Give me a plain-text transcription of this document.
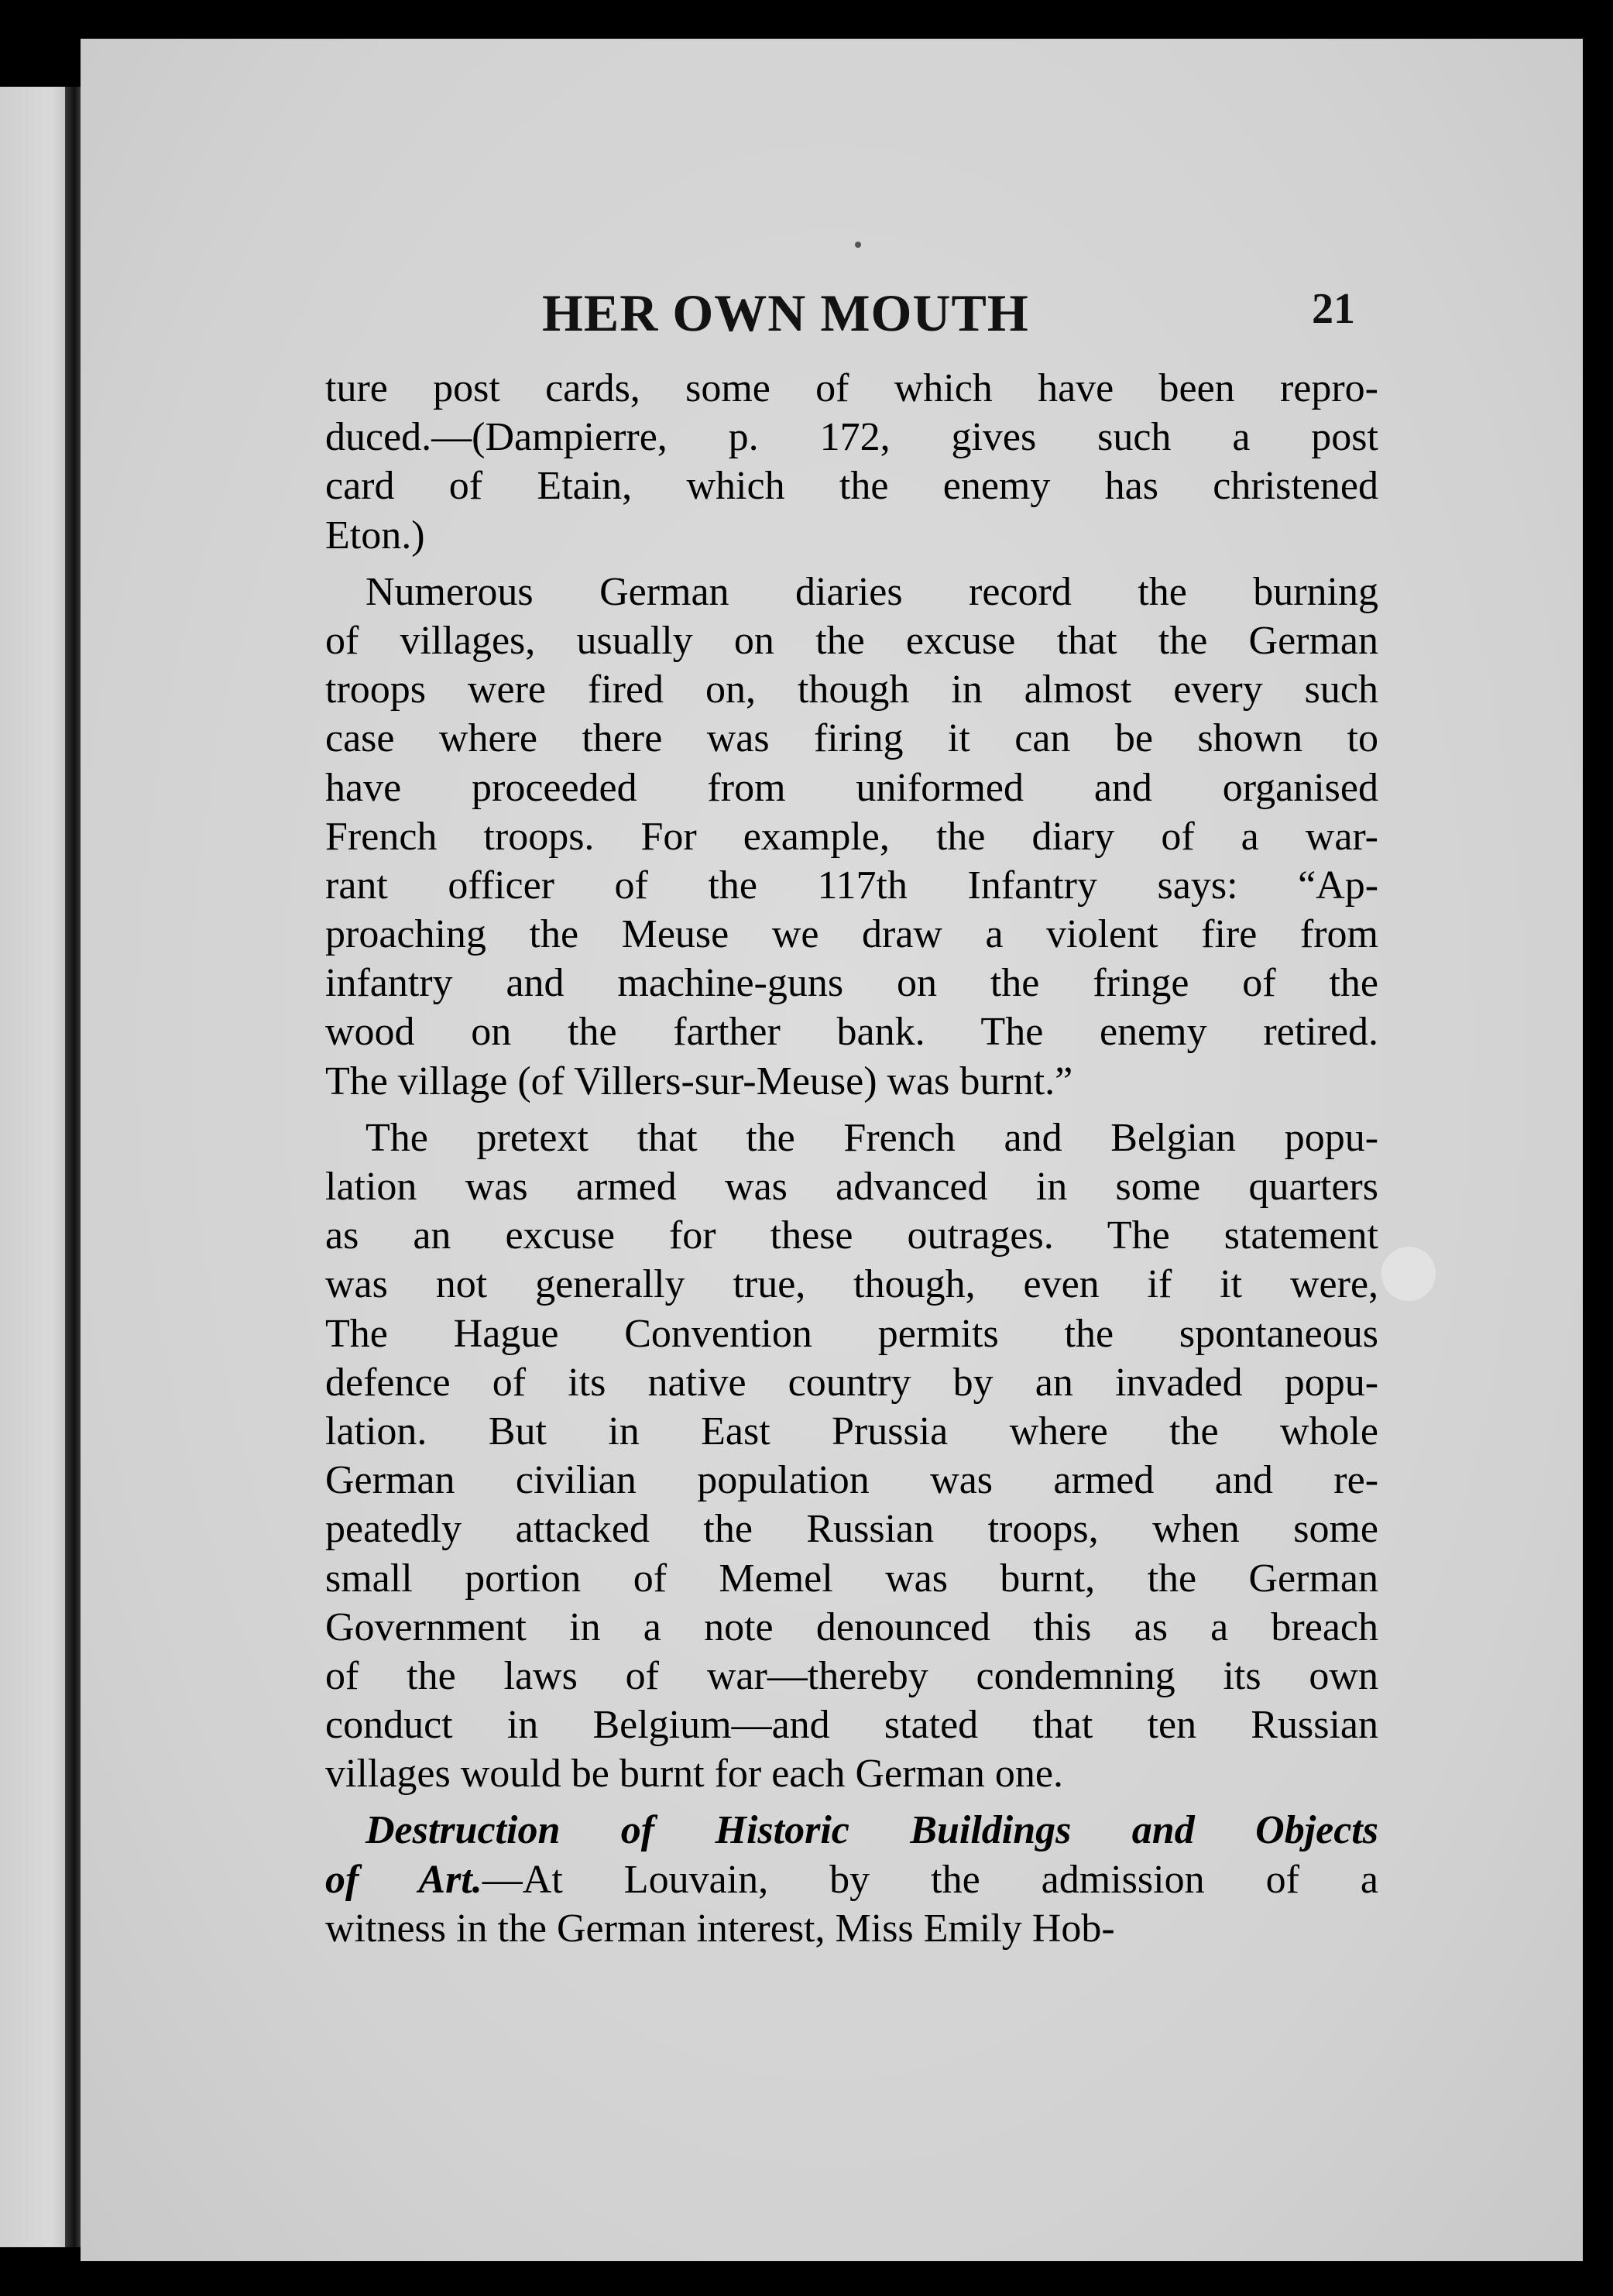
HER OWN MOUTH	21
ture post cards, some of which have been repro-
duced.—(Dampierre, p. 172, gives such a post
card of Etain, which the enemy has christened
Eton.)
Numerous German diaries record the burning
of villages, usually on the excuse that the German
troops were fired on, though in almost every such
case where there was firing it can be shown to
have proceeded from uniformed and organised
French troops. For example, the diary of a war-
rant officer of the 117th Infantry says: “Ap-
proaching the Meuse we draw a violent fire from
infantry and machine-guns on the fringe of the
wood on the farther bank. The enemy retired.
The village (of Villers-sur-Meuse) was burnt.”
The pretext that the French and Belgian popu-
lation was armed was advanced in some quarters
as an excuse for these outrages. The statement
was not generally true, though, even if it were,
The Hague Convention permits the spontaneous
defence of its native country by an invaded popu-
lation. But in East Prussia where the whole
German civilian population was armed and re-
peatedly attacked the Russian troops, when some
small portion of Memel was burnt, the German
Government in a note denounced this as a breach
of the laws of war—thereby condemning its own
conduct in Belgium—and stated that ten Russian
villages would be burnt for each German one.
Destruction of Historic Buildings and Objects
of Art.—At Louvain, by the admission of a
witness in the German interest, Miss Emily Hob-
